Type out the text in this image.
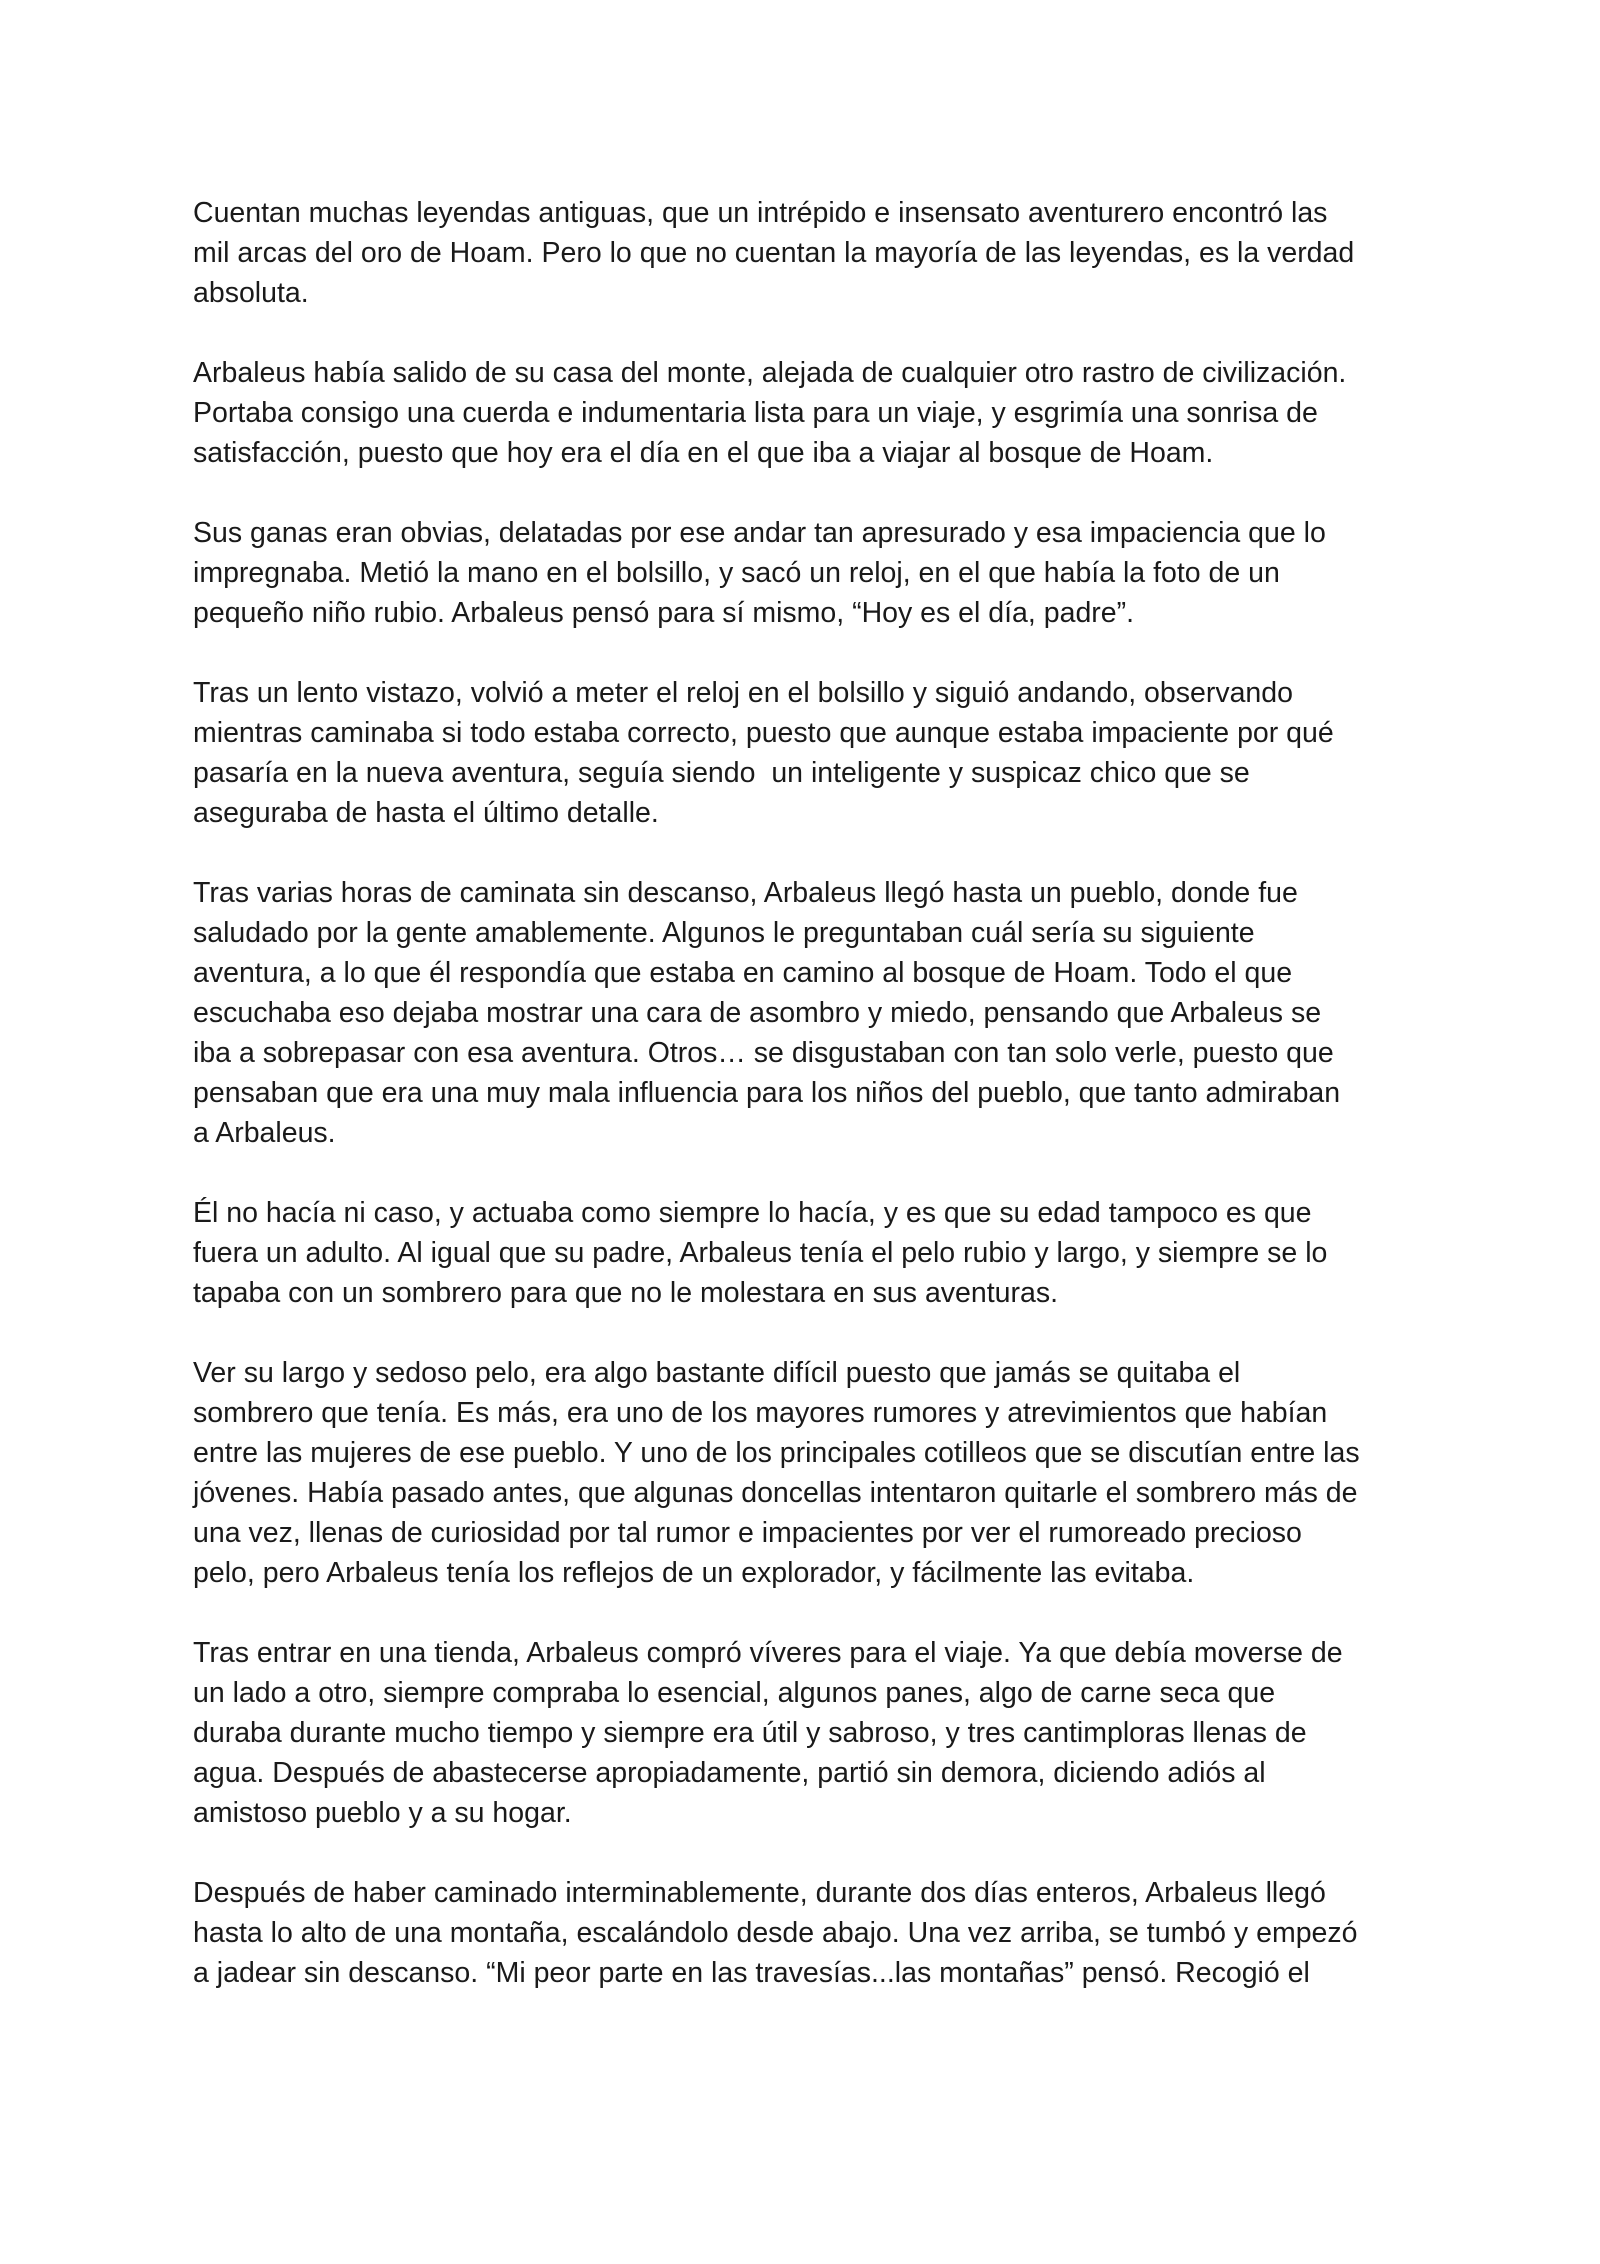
Cuentan muchas leyendas antiguas, que un intrépido e insensato aventurero encontró las
mil arcas del oro de Hoam. Pero lo que no cuentan la mayoría de las leyendas, es la verdad
absoluta.
Arbaleus había salido de su casa del monte, alejada de cualquier otro rastro de civilización.
Portaba consigo una cuerda e indumentaria lista para un viaje, y esgrimía una sonrisa de
satisfacción, puesto que hoy era el día en el que iba a viajar al bosque de Hoam.
Sus ganas eran obvias, delatadas por ese andar tan apresurado y esa impaciencia que lo
impregnaba. Metió la mano en el bolsillo, y sacó un reloj, en el que había la foto de un
pequeño niño rubio. Arbaleus pensó para sí mismo, “Hoy es el día, padre”.
Tras un lento vistazo, volvió a meter el reloj en el bolsillo y siguió andando, observando
mientras caminaba si todo estaba correcto, puesto que aunque estaba impaciente por qué
pasaría en la nueva aventura, seguía siendo  un inteligente y suspicaz chico que se
aseguraba de hasta el último detalle.
Tras varias horas de caminata sin descanso, Arbaleus llegó hasta un pueblo, donde fue
saludado por la gente amablemente. Algunos le preguntaban cuál sería su siguiente
aventura, a lo que él respondía que estaba en camino al bosque de Hoam. Todo el que
escuchaba eso dejaba mostrar una cara de asombro y miedo, pensando que Arbaleus se
iba a sobrepasar con esa aventura. Otros… se disgustaban con tan solo verle, puesto que
pensaban que era una muy mala influencia para los niños del pueblo, que tanto admiraban
a Arbaleus.
Él no hacía ni caso, y actuaba como siempre lo hacía, y es que su edad tampoco es que
fuera un adulto. Al igual que su padre, Arbaleus tenía el pelo rubio y largo, y siempre se lo
tapaba con un sombrero para que no le molestara en sus aventuras.
Ver su largo y sedoso pelo, era algo bastante difícil puesto que jamás se quitaba el
sombrero que tenía. Es más, era uno de los mayores rumores y atrevimientos que habían
entre las mujeres de ese pueblo. Y uno de los principales cotilleos que se discutían entre las
jóvenes. Había pasado antes, que algunas doncellas intentaron quitarle el sombrero más de
una vez, llenas de curiosidad por tal rumor e impacientes por ver el rumoreado precioso
pelo, pero Arbaleus tenía los reflejos de un explorador, y fácilmente las evitaba.
Tras entrar en una tienda, Arbaleus compró víveres para el viaje. Ya que debía moverse de
un lado a otro, siempre compraba lo esencial, algunos panes, algo de carne seca que
duraba durante mucho tiempo y siempre era útil y sabroso, y tres cantimploras llenas de
agua. Después de abastecerse apropiadamente, partió sin demora, diciendo adiós al
amistoso pueblo y a su hogar.
Después de haber caminado interminablemente, durante dos días enteros, Arbaleus llegó
hasta lo alto de una montaña, escalándolo desde abajo. Una vez arriba, se tumbó y empezó
a jadear sin descanso. “Mi peor parte en las travesías...las montañas” pensó. Recogió el
